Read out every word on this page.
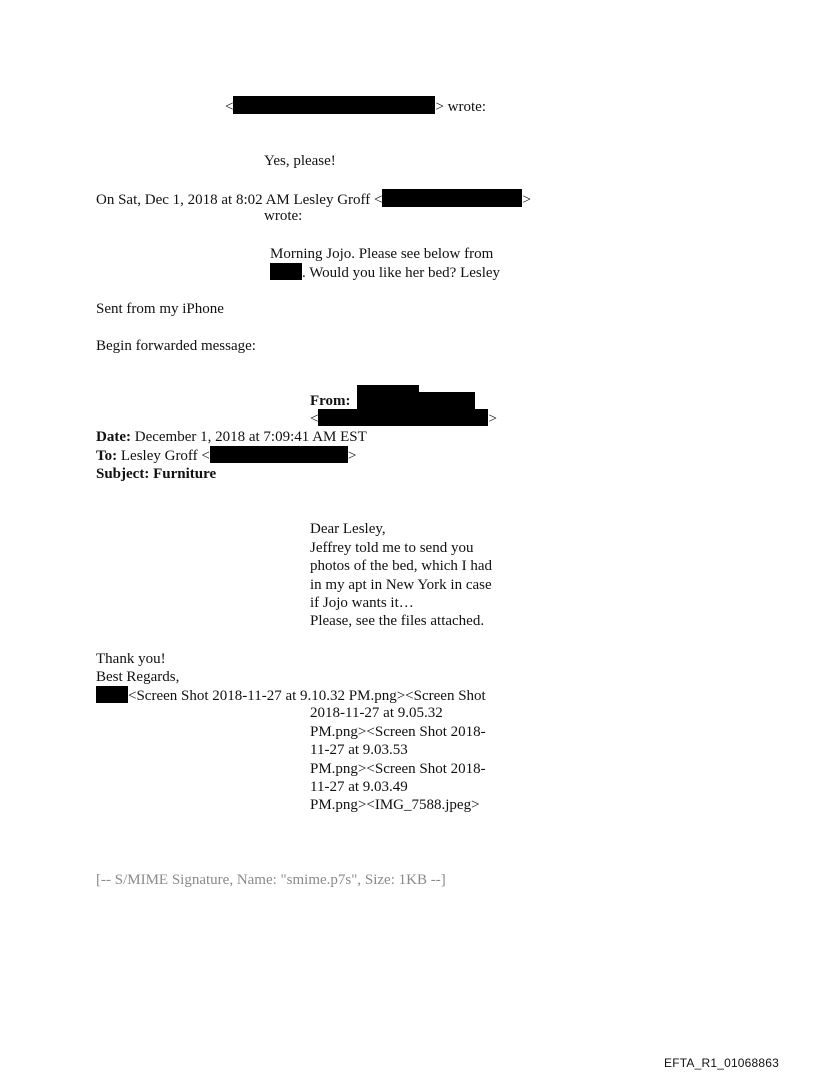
<	> wrote:
Yes, please!
On Sat, Dec 1, 2018 at 8:02 AM Lesley Groff <	>
wrote:
Morning Jojo. Please see below from
. Would you like her bed? Lesley
Sent from my iPhone
Begin forwarded message:
From:
<	>
Date: December 1, 2018 at 7:09:41 AM EST
To: Lesley Groff <	>
Subject: Furniture
Dear Lesley,
Jeffrey told me to send you
photos of the bed, which I had
in my apt in New York in case
if Jojo wants it…
Please, see the files attached.
Thank you!
Best Regards,
<Screen Shot 2018-11-27 at 9.10.32 PM.png><Screen Shot
2018-11-27 at 9.05.32
PM.png><Screen Shot 2018-
11-27 at 9.03.53
PM.png><Screen Shot 2018-
11-27 at 9.03.49
PM.png><IMG_7588.jpeg>
[-- S/MIME Signature, Name: "smime.p7s", Size: 1KB --]
EFTA_R1_01068863
